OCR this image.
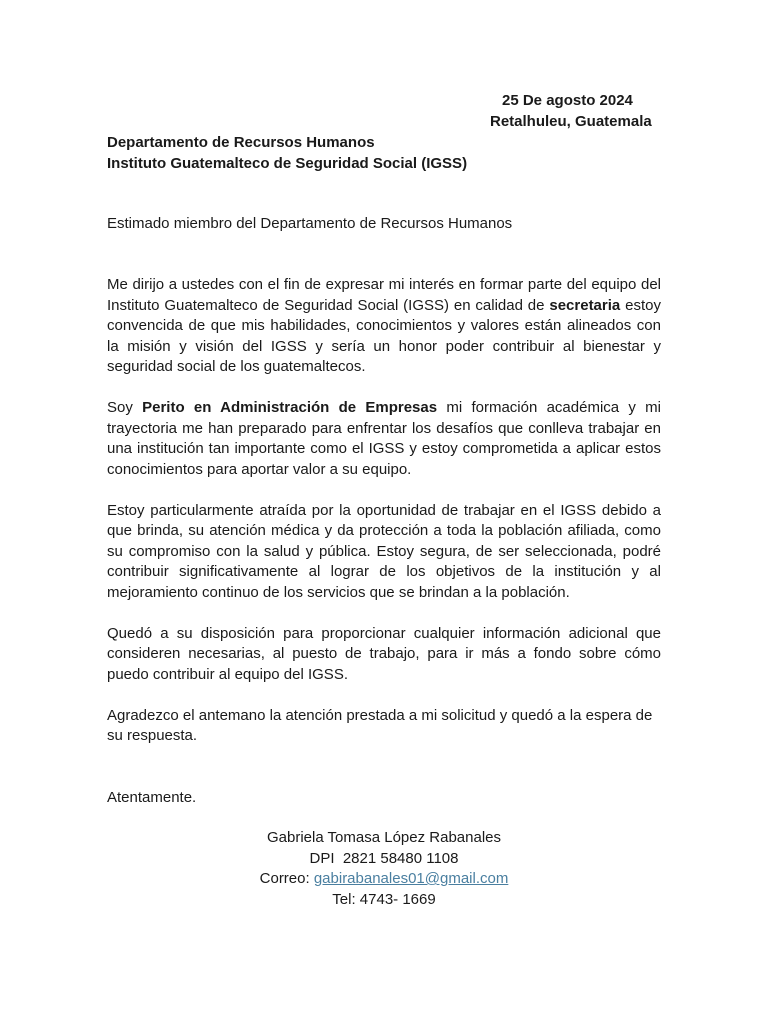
25 De agosto 2024
Retalhuleu, Guatemala
Departamento de Recursos Humanos
Instituto Guatemalteco de Seguridad Social (IGSS)
Estimado miembro del Departamento de Recursos Humanos

Me dirijo a ustedes con el fin de expresar mi interés en formar parte del equipo del Instituto Guatemalteco de Seguridad Social (IGSS) en calidad de secretaria estoy convencida de que mis habilidades, conocimientos y valores están alineados con la misión y visión del IGSS y sería un honor poder contribuir al bienestar y seguridad social de los guatemaltecos.

Soy Perito en Administración de Empresas mi formación académica y mi trayectoria me han preparado para enfrentar los desafíos que conlleva trabajar en una institución tan importante como el IGSS y estoy comprometida a aplicar estos conocimientos para aportar valor a su equipo.

Estoy particularmente atraída por la oportunidad de trabajar en el IGSS debido a que brinda, su atención médica y da protección a toda la población afiliada, como su compromiso con la salud y pública. Estoy segura, de ser seleccionada, podré contribuir significativamente al lograr de los objetivos de la institución y al mejoramiento continuo de los servicios que se brindan a la población.

Quedó a su disposición para proporcionar cualquier información adicional que consideren necesarias, al puesto de trabajo, para ir más a fondo sobre cómo puedo contribuir al equipo del IGSS.

Agradezco el antemano la atención prestada a mi solicitud y quedó a la espera de su respuesta.

Atentamente.
Gabriela Tomasa López Rabanales
DPI  2821 58480 1108
Correo: gabirabanales01@gmail.com
Tel: 4743- 1669
